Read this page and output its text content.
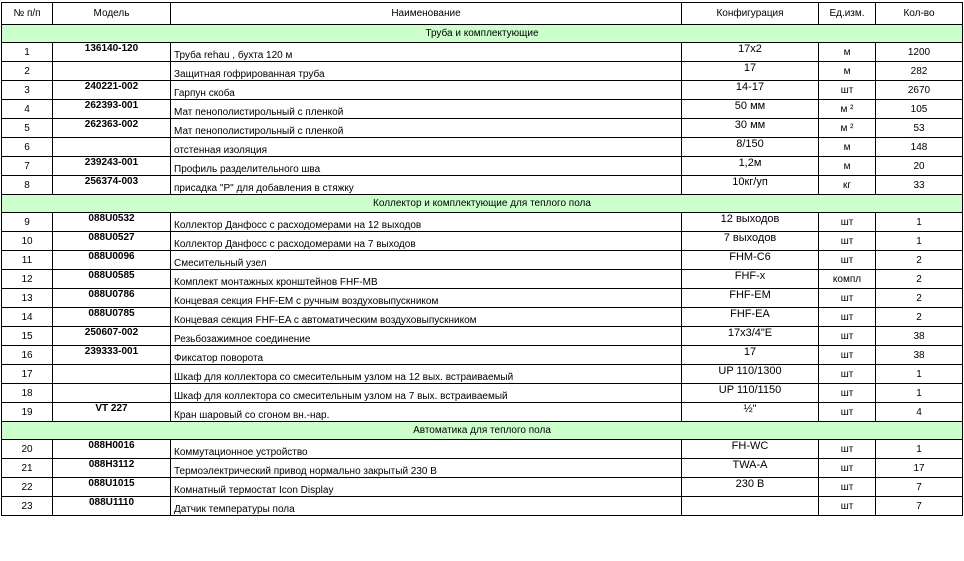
№ п/п	Модель	Наименование	Конфигурация	Ед.изм.	Кол-во
Труба и комплектующие					
1	136140-120	Труба rehau , бухта 120 м	17х2	м	1200
2		Защитная гофрированная труба	17	м	282
3	240221-002	Гарпун скоба	14-17	шт	2670
4	262393-001	Мат пенополистирольный с пленкой	50 мм	м ²	105
5	262363-002	Мат пенополистирольный с пленкой	30 мм	м ²	53
6		отстенная изоляция	8/150	м	148
7	239243-001	Профиль разделительного шва	1,2м	м	20
8	256374-003	присадка "Р" для добавления в стяжку	10кг/уп	кг	33
Коллектор и комплектующие для теплого пола					
9	088U0532	Коллектор Данфосс с расходомерами на 12 выходов	12 выходов	шт	1
10	088U0527	Коллектор Данфосс с расходомерами на 7 выходов	7 выходов	шт	1
11	088U0096	Смесительный узел	FHM-C6	шт	2
12	088U0585	Комплект монтажных кронштейнов FHF-MB	FHF-x	компл	2
13	088U0786	Концевая секция FHF-EM с ручным воздуховыпускником	FHF-EM	шт	2
14	088U0785	Концевая секция FHF-EA с автоматическим воздуховыпускником	FHF-EA	шт	2
15	250607-002	Резьбозажимное соединение	17х3/4"Е	шт	38
16	239333-001	Фиксатор поворота	17	шт	38
17		Шкаф для коллектора со смесительным узлом на 12 вых. встраиваемый	UP 110/1300	шт	1
18		Шкаф для коллектора со смесительным узлом на 7 вых. встраиваемый	UP 110/1150	шт	1
19	VT 227	Кран шаровый со сгоном вн.-нар.	½"	шт	4
Автоматика для теплого пола					
20	088H0016	Коммутационное устройство	FH-WC	шт	1
21	088H3112	Термоэлектрический привод нормально закрытый 230 В	TWA-A	шт	17
22	088U1015	Комнатный термостат Icon Display	230 В	шт	7
23	088U1110	Датчик температуры пола		шт	7
